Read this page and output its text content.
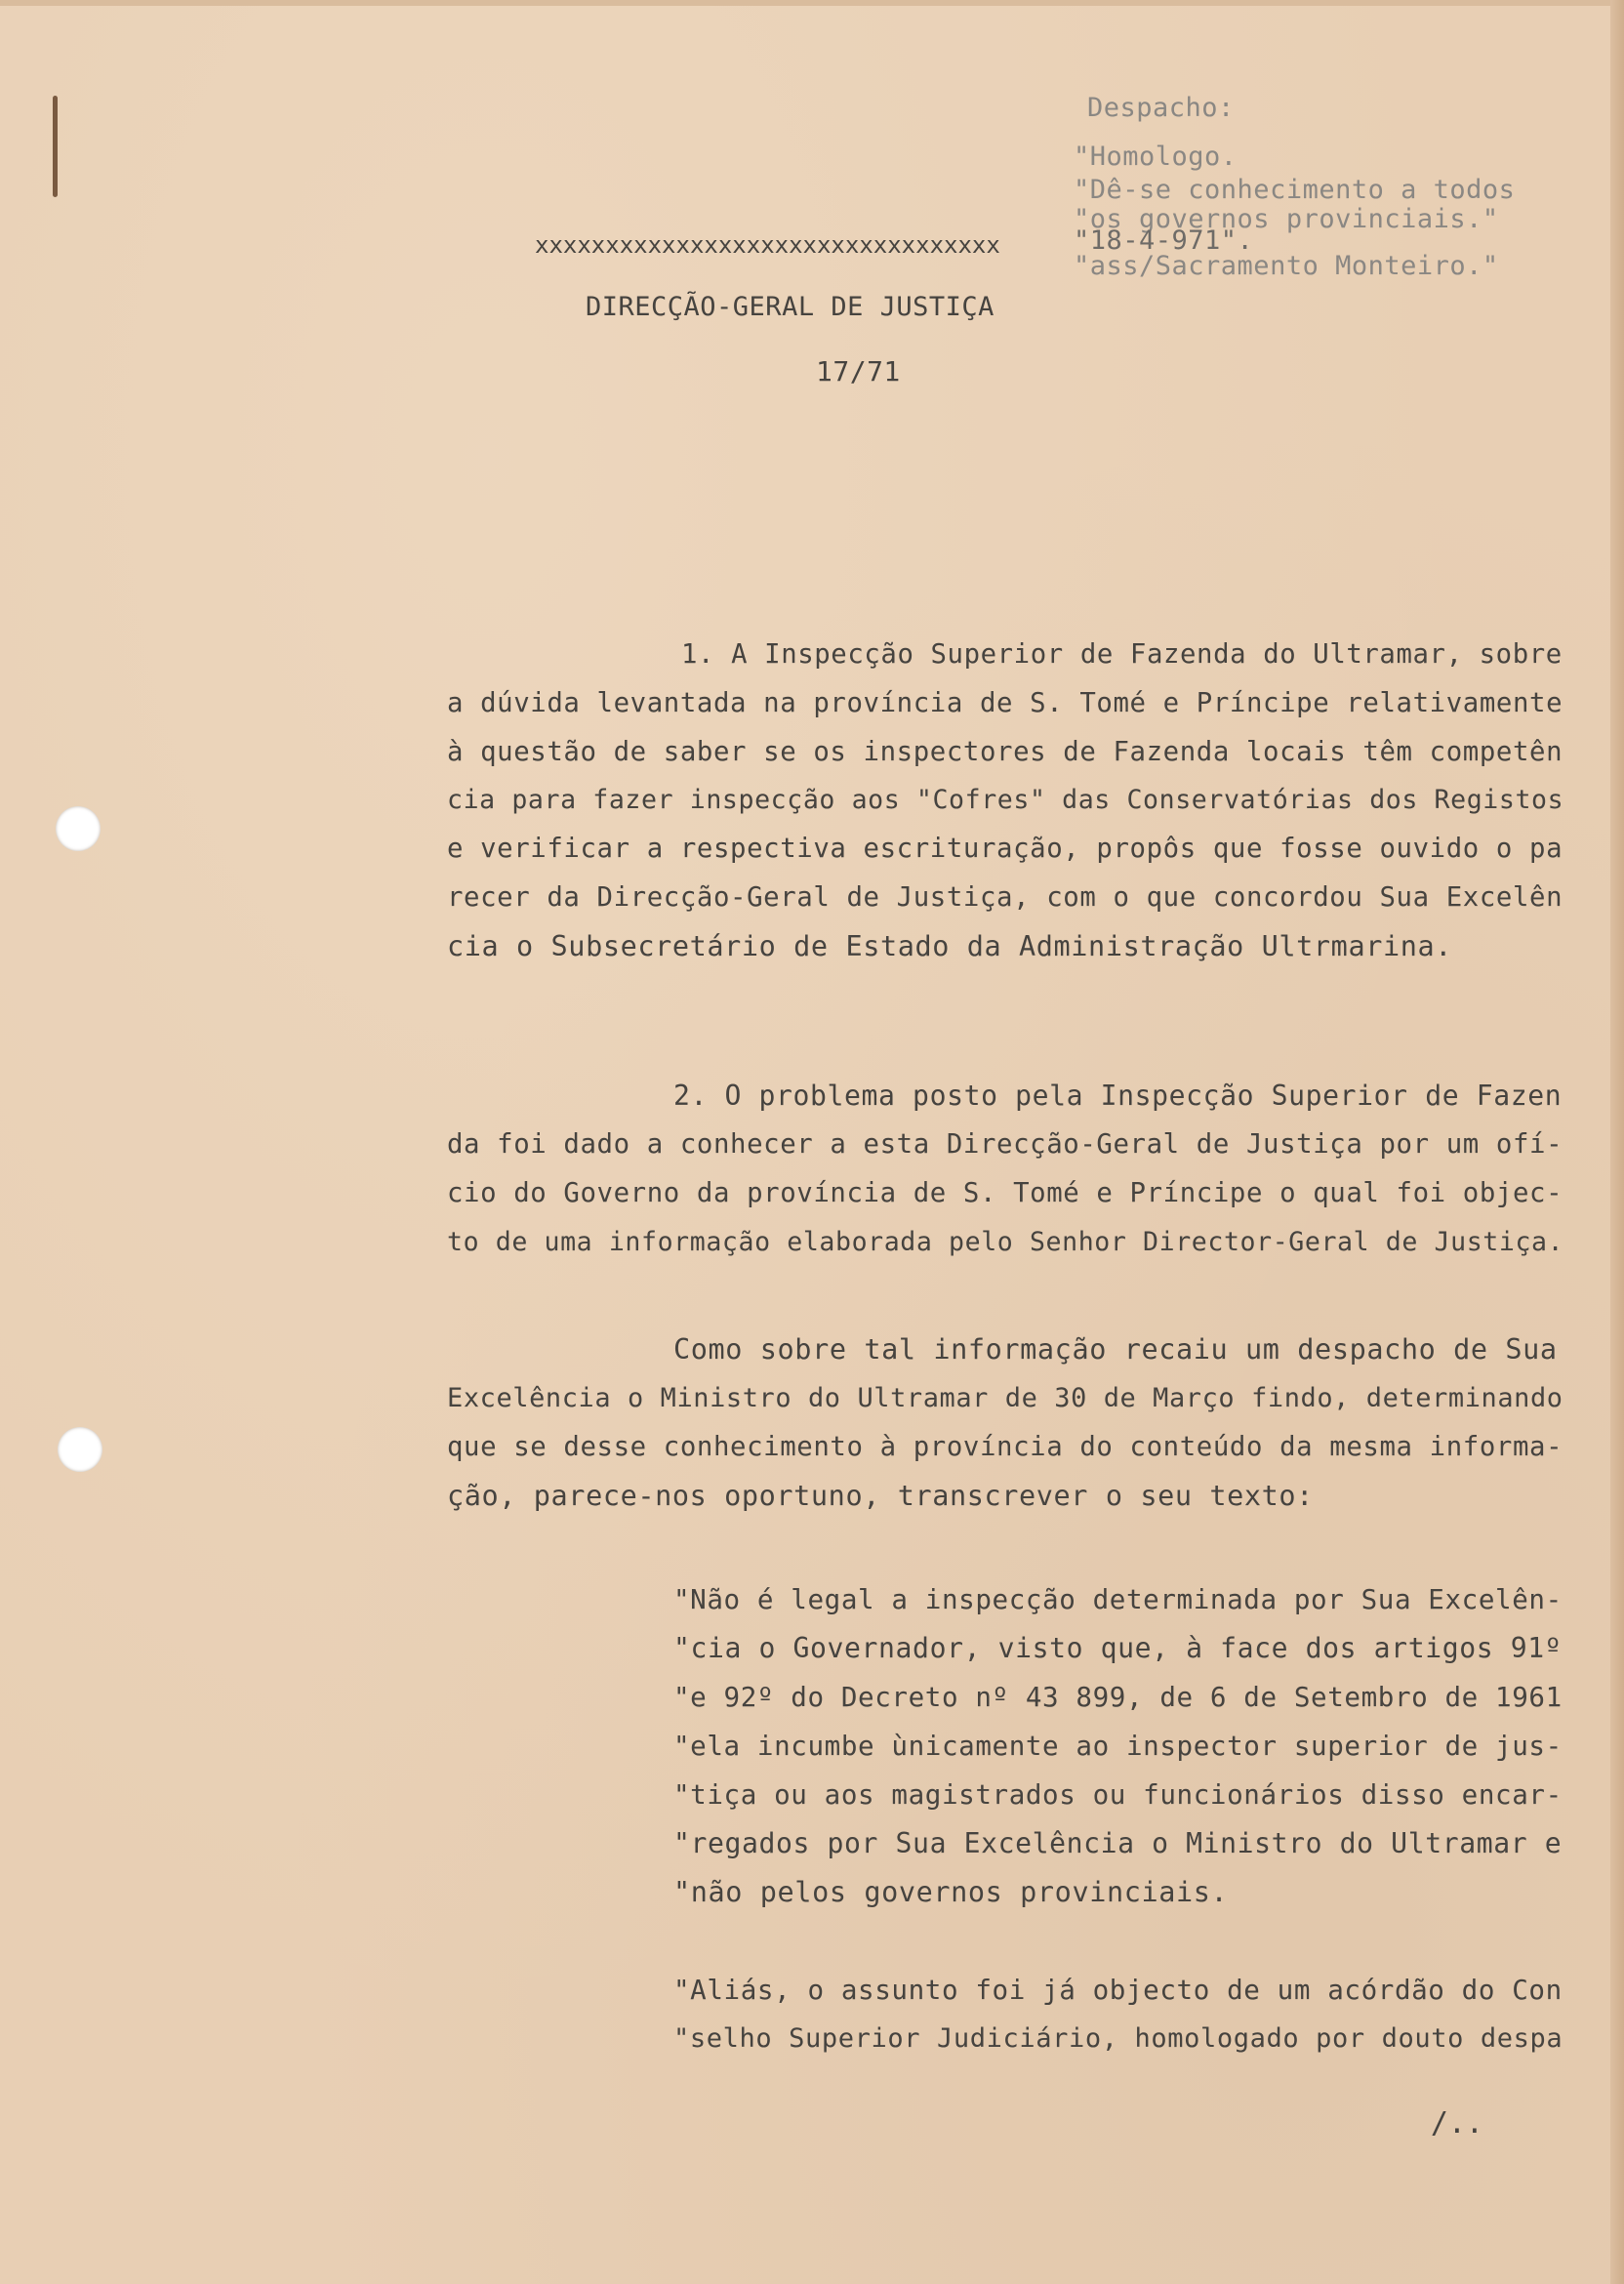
Despacho:
"Homologo.
"Dê-se conhecimento a todos
"os governos provinciais."
"18-4-971".
"ass/Sacramento Monteiro."
xxxxxxxxxxxxxxxxxxxxxxxxxxxxxxxxx
DIRECÇÃO-GERAL DE JUSTIÇA
17/71
1. A Inspecção Superior de Fazenda do Ultramar, sobre
a dúvida levantada na província de S. Tomé e Príncipe relativamente
à questão de saber se os inspectores de Fazenda locais têm competên
cia para fazer inspecção aos "Cofres" das Conservatórias dos Registos
e verificar a respectiva escrituração, propôs que fosse ouvido o pa
recer da Direcção-Geral de Justiça, com o que concordou Sua Excelên
cia o Subsecretário de Estado da Administração Ultrmarina.
2. O problema posto pela Inspecção Superior de Fazen
da foi dado a conhecer a esta Direcção-Geral de Justiça por um ofí-
cio do Governo da província de S. Tomé e Príncipe o qual foi objec-
to de uma informação elaborada pelo Senhor Director-Geral de Justiça.
Como sobre tal informação recaiu um despacho de Sua
Excelência o Ministro do Ultramar de 30 de Março findo, determinando
que se desse conhecimento à província do conteúdo da mesma informa-
ção, parece-nos oportuno, transcrever o seu texto:
"Não é legal a inspecção determinada por Sua Excelên-
"cia o Governador, visto que, à face dos artigos 91º
"e 92º do Decreto nº 43 899, de 6 de Setembro de 1961
"ela incumbe ùnicamente ao inspector superior de jus-
"tiça ou aos magistrados ou funcionários disso encar-
"regados por Sua Excelência o Ministro do Ultramar e
"não pelos governos provinciais.
"Aliás, o assunto foi já objecto de um acórdão do Con
"selho Superior Judiciário, homologado por douto despa
/..
